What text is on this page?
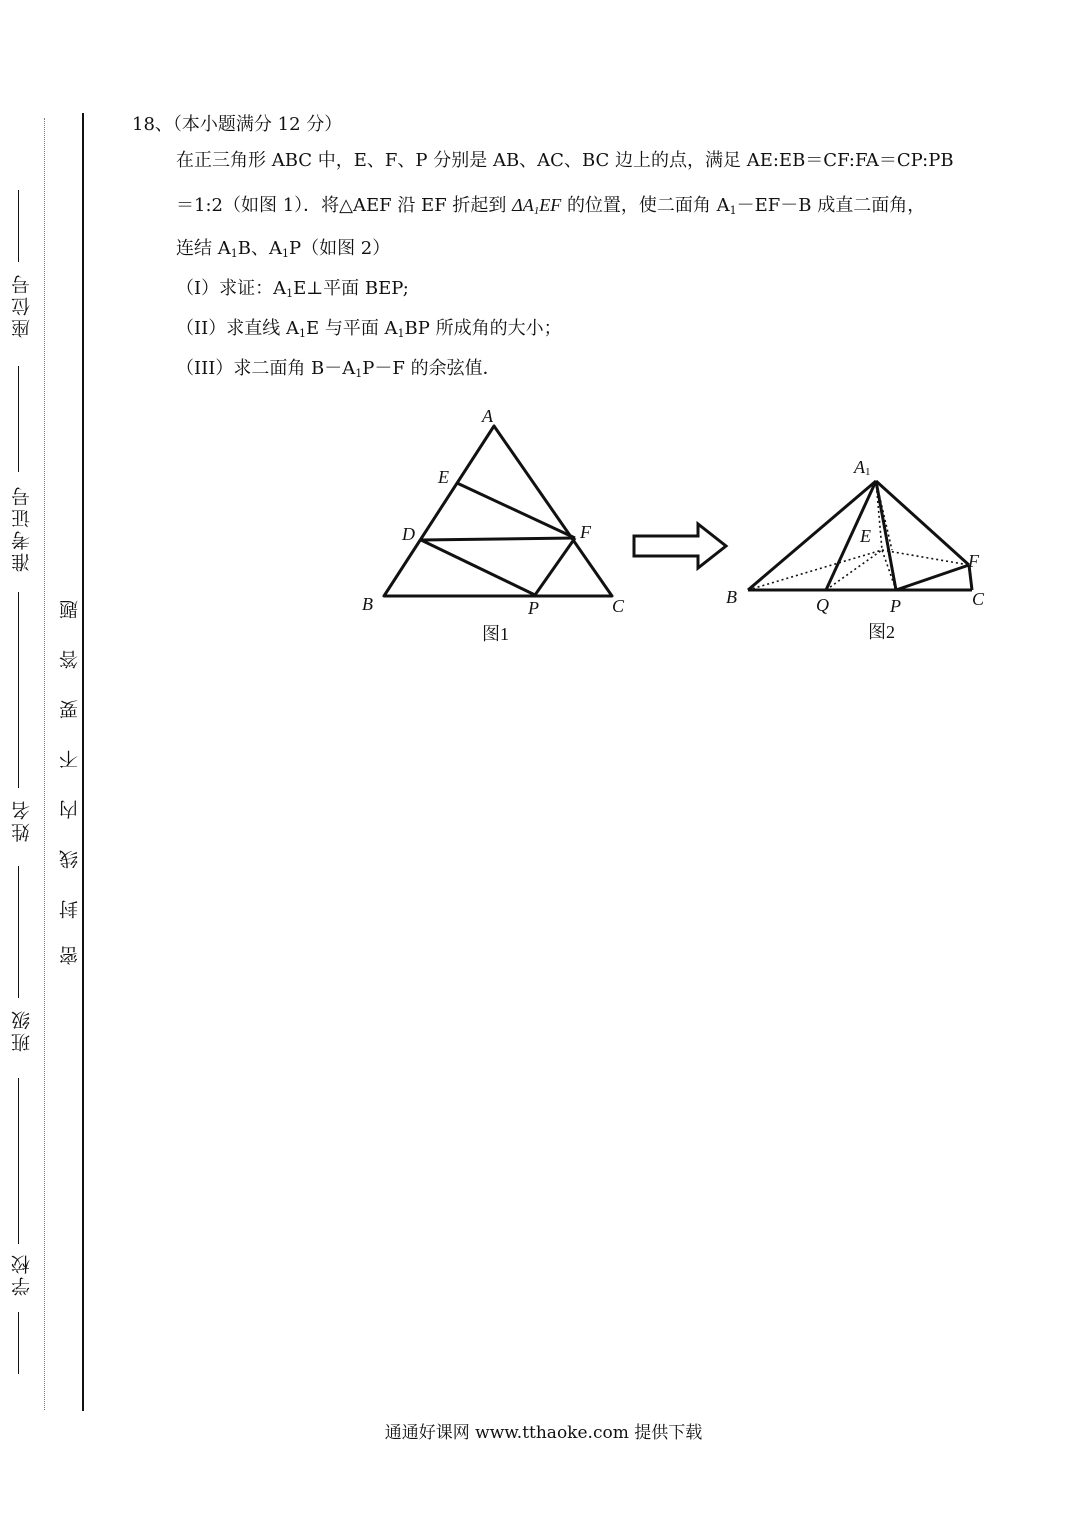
座位号
准考证号
姓名
班级
学校
题
答
要
不
内
线
封
密
18、（本小题满分 12 分）
在正三角形 ABC 中，E、F、P 分别是 AB、AC、BC 边上的点，满足 AE:EB＝CF:FA＝CP:PB
＝1:2（如图 1）．将△AEF 沿 EF 折起到 $\Delta A_1EF$ 的位置，使二面角 $A_1-EF-B$ 成直二面角，
连结 $A_1B$、$A_1P$（如图 2）
（Ⅰ）求证：$A_1E\perp$平面 BEP;
（II）求直线 $A_1E$ 与平面 $A_1BP$ 所成角的大小；
（III）求二面角 $B-A_1P-F$ 的余弦值．
A
E
D	F
B	P	C
图1
A1
E
F
B	Q	P	C
图2
通通好课网 www.tthaoke.com 提供下载
